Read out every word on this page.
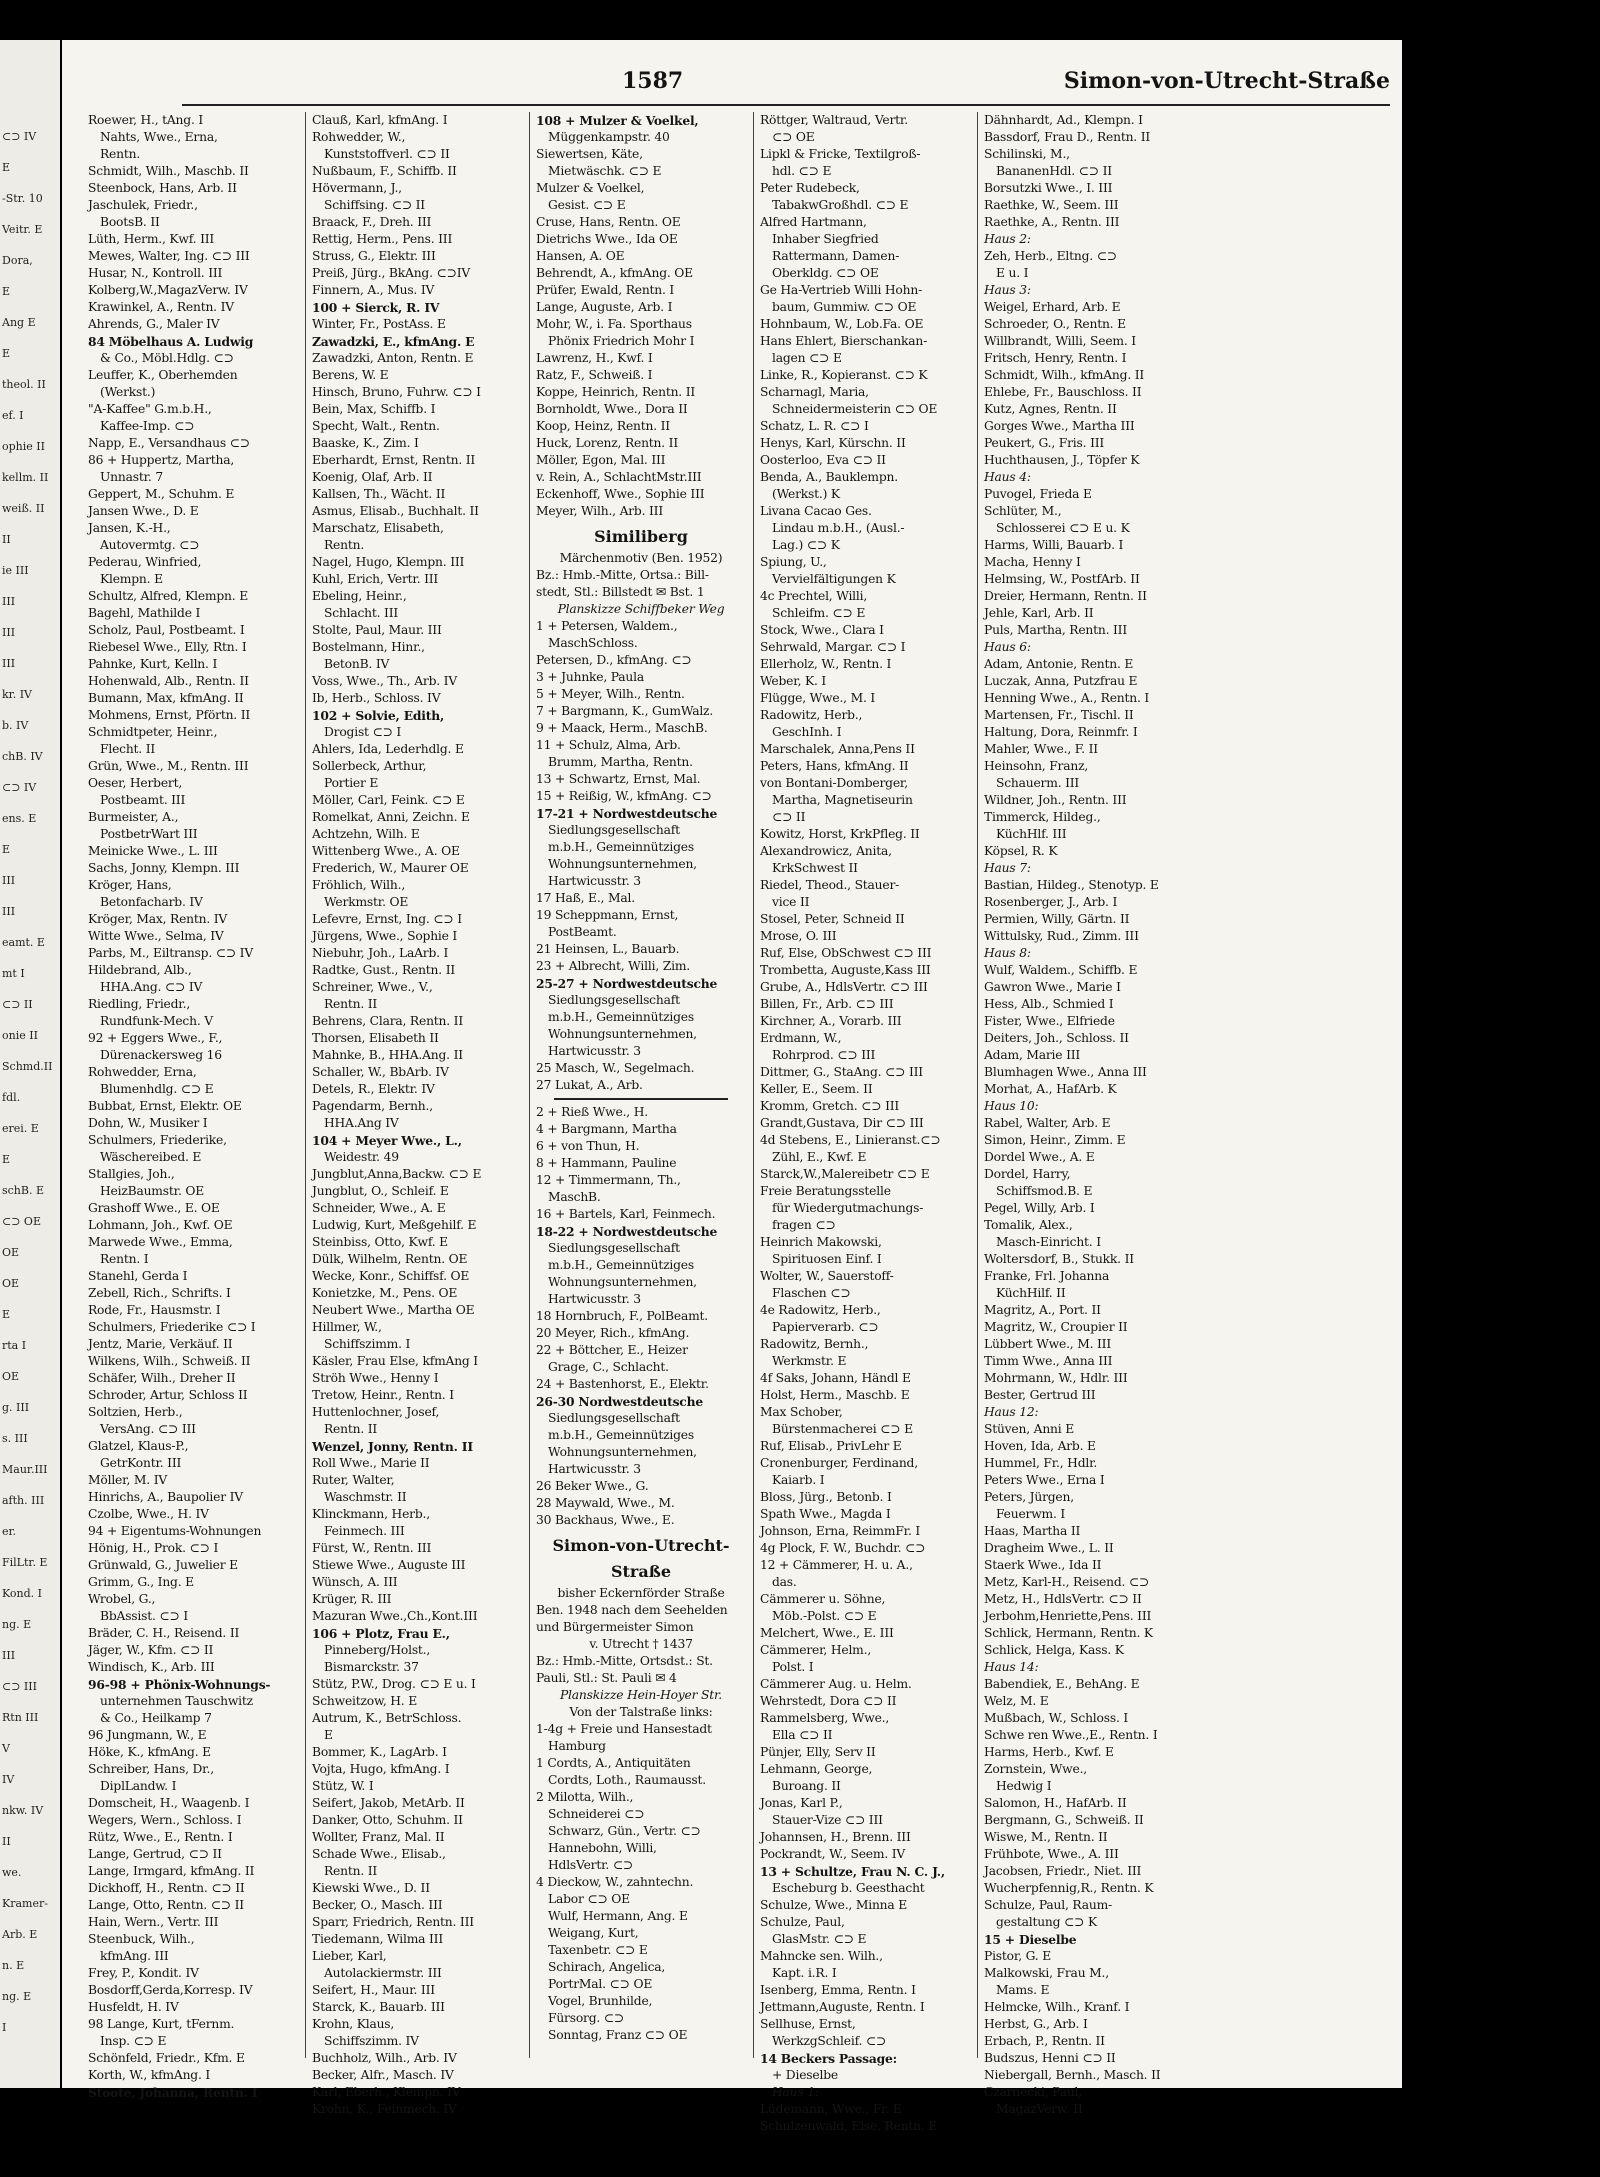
⊂⊃ IV
E
-Str. 10
Veitr. E
Dora,
E
Ang E
E
theol. II
ef. I
ophie II
kellm. II
weiß. II
II
ie III
III
III
III
kr. IV
b. IV
chB. IV
⊂⊃ IV
ens. E
E
III
III
eamt. E
mt I
⊂⊃ II
onie II
Schmd.II
fdl.
erei. E
E
schB. E
⊂⊃ OE
OE
OE
E
rta I
OE
g. III
s. III
Maur.III
afth. III
er.
FilLtr. E
Kond. I
ng. E
III
⊂⊃ III
Rtn III
V
IV
nkw. IV
II
we.
Kramer-
Arb. E
n. E
ng. E
I
1587	Simon-von-Utrecht-Straße
Roewer, H., tAng. I
Nahts, Wwe., Erna,
Rentn.
Schmidt, Wilh., Maschb. II
Steenbock, Hans, Arb. II
Jaschulek, Friedr.,
BootsB. II
Lüth, Herm., Kwf. III
Mewes, Walter, Ing. ⊂⊃ III
Husar, N., Kontroll. III
Kolberg,W.,MagazVerw. IV
Krawinkel, A., Rentn. IV
Ahrends, G., Maler IV
84 Möbelhaus A. Ludwig
& Co., Möbl.Hdlg. ⊂⊃
Leuffer, K., Oberhemden
(Werkst.)
"A-Kaffee" G.m.b.H.,
Kaffee-Imp. ⊂⊃
Napp, E., Versandhaus ⊂⊃
86 + Huppertz, Martha,
Unnastr. 7
Geppert, M., Schuhm. E
Jansen Wwe., D. E
Jansen, K.-H.,
Autovermtg. ⊂⊃
Pederau, Winfried,
Klempn. E
Schultz, Alfred, Klempn. E
Bagehl, Mathilde I
Scholz, Paul, Postbeamt. I
Riebesel Wwe., Elly, Rtn. I
Pahnke, Kurt, Kelln. I
Hohenwald, Alb., Rentn. II
Bumann, Max, kfmAng. II
Mohmens, Ernst, Pförtn. II
Schmidtpeter, Heinr.,
Flecht. II
Grün, Wwe., M., Rentn. III
Oeser, Herbert,
Postbeamt. III
Burmeister, A.,
PostbetrWart III
Meinicke Wwe., L. III
Sachs, Jonny, Klempn. III
Kröger, Hans,
Betonfacharb. IV
Kröger, Max, Rentn. IV
Witte Wwe., Selma, IV
Parbs, M., Eiltransp. ⊂⊃ IV
Hildebrand, Alb.,
HHA.Ang. ⊂⊃ IV
Riedling, Friedr.,
Rundfunk-Mech. V
92 + Eggers Wwe., F.,
Dürenackersweg 16
Rohwedder, Erna,
Blumenhdlg. ⊂⊃ E
Bubbat, Ernst, Elektr. OE
Dohn, W., Musiker I
Schulmers, Friederike,
Wäschereibed. E
Stallgies, Joh.,
HeizBaumstr. OE
Grashoff Wwe., E. OE
Lohmann, Joh., Kwf. OE
Marwede Wwe., Emma,
Rentn. I
Stanehl, Gerda I
Zebell, Rich., Schrifts. I
Rode, Fr., Hausmstr. I
Schulmers, Friederike ⊂⊃ I
Jentz, Marie, Verkäuf. II
Wilkens, Wilh., Schweiß. II
Schäfer, Wilh., Dreher II
Schroder, Artur, Schloss II
Soltzien, Herb.,
VersAng. ⊂⊃ III
Glatzel, Klaus-P.,
GetrKontr. III
Möller, M. IV
Hinrichs, A., Baupolier IV
Czolbe, Wwe., H. IV
94 + Eigentums-Wohnungen
Hönig, H., Prok. ⊂⊃ I
Grünwald, G., Juwelier E
Grimm, G., Ing. E
Wrobel, G.,
BbAssist. ⊂⊃ I
Bräder, C. H., Reisend. II
Jäger, W., Kfm. ⊂⊃ II
Windisch, K., Arb. III
96-98 + Phönix-Wohnungs-
unternehmen Tauschwitz
& Co., Heilkamp 7
96 Jungmann, W., E
Höke, K., kfmAng. E
Schreiber, Hans, Dr.,
DiplLandw. I
Domscheit, H., Waagenb. I
Wegers, Wern., Schloss. I
Rütz, Wwe., E., Rentn. I
Lange, Gertrud, ⊂⊃ II
Lange, Irmgard, kfmAng. II
Dickhoff, H., Rentn. ⊂⊃ II
Lange, Otto, Rentn. ⊂⊃ II
Hain, Wern., Vertr. III
Steenbuck, Wilh.,
kfmAng. III
Frey, P., Kondit. IV
Bosdorff,Gerda,Korresp. IV
Husfeldt, H. IV
98 Lange, Kurt, tFernm.
Insp. ⊂⊃ E
Schönfeld, Friedr., Kfm. E
Korth, W., kfmAng. I
Stoote, Johanna, Rentn. I
Clauß, Karl, kfmAng. I
Rohwedder, W.,
Kunststoffverl. ⊂⊃ II
Nußbaum, F., Schiffb. II
Hövermann, J.,
Schiffsing. ⊂⊃ II
Braack, F., Dreh. III
Rettig, Herm., Pens. III
Struss, G., Elektr. III
Preiß, Jürg., BkAng. ⊂⊃IV
Finnern, A., Mus. IV
100 + Sierck, R. IV
Winter, Fr., PostAss. E
Zawadzki, E., kfmAng. E
Zawadzki, Anton, Rentn. E
Berens, W. E
Hinsch, Bruno, Fuhrw. ⊂⊃ I
Bein, Max, Schiffb. I
Specht, Walt., Rentn.
Baaske, K., Zim. I
Eberhardt, Ernst, Rentn. II
Koenig, Olaf, Arb. II
Kallsen, Th., Wächt. II
Asmus, Elisab., Buchhalt. II
Marschatz, Elisabeth,
Rentn.
Nagel, Hugo, Klempn. III
Kuhl, Erich, Vertr. III
Ebeling, Heinr.,
Schlacht. III
Stolte, Paul, Maur. III
Bostelmann, Hinr.,
BetonB. IV
Voss, Wwe., Th., Arb. IV
Ib, Herb., Schloss. IV
102 + Solvie, Edith,
Drogist ⊂⊃ I
Ahlers, Ida, Lederhdlg. E
Sollerbeck, Arthur,
Portier E
Möller, Carl, Feink. ⊂⊃ E
Romelkat, Anni, Zeichn. E
Achtzehn, Wilh. E
Wittenberg Wwe., A. OE
Frederich, W., Maurer OE
Fröhlich, Wilh.,
Werkmstr. OE
Lefevre, Ernst, Ing. ⊂⊃ I
Jürgens, Wwe., Sophie I
Niebuhr, Joh., LaArb. I
Radtke, Gust., Rentn. II
Schreiner, Wwe., V.,
Rentn. II
Behrens, Clara, Rentn. II
Thorsen, Elisabeth II
Mahnke, B., HHA.Ang. II
Schaller, W., BbArb. IV
Detels, R., Elektr. IV
Pagendarm, Bernh.,
HHA.Ang IV
104 + Meyer Wwe., L.,
Weidestr. 49
Jungblut,Anna,Backw. ⊂⊃ E
Jungblut, O., Schleif. E
Schneider, Wwe., A. E
Ludwig, Kurt, Meßgehilf. E
Steinbiss, Otto, Kwf. E
Dülk, Wilhelm, Rentn. OE
Wecke, Konr., Schiffsf. OE
Konietzke, M., Pens. OE
Neubert Wwe., Martha OE
Hillmer, W.,
Schiffszimm. I
Käsler, Frau Else, kfmAng I
Ströh Wwe., Henny I
Tretow, Heinr., Rentn. I
Huttenlochner, Josef,
Rentn. II
Wenzel, Jonny, Rentn. II
Roll Wwe., Marie II
Ruter, Walter,
Waschmstr. II
Klinckmann, Herb.,
Feinmech. III
Fürst, W., Rentn. III
Stiewe Wwe., Auguste III
Wünsch, A. III
Krüger, R. III
Mazuran Wwe.,Ch.,Kont.III
106 + Plotz, Frau E.,
Pinneberg/Holst.,
Bismarckstr. 37
Stütz, P.W., Drog. ⊂⊃ E u. I
Schweitzow, H. E
Autrum, K., BetrSchloss.
E
Bommer, K., LagArb. I
Vojta, Hugo, kfmAng. I
Stütz, W. I
Seifert, Jakob, MetArb. II
Danker, Otto, Schuhm. II
Wollter, Franz, Mal. II
Schade Wwe., Elisab.,
Rentn. II
Kiewski Wwe., D. II
Becker, O., Masch. III
Sparr, Friedrich, Rentn. III
Tiedemann, Wilma III
Lieber, Karl,
Autolackiermstr. III
Seifert, H., Maur. III
Starck, K., Bauarb. III
Krohn, Klaus,
Schiffszimm. IV
Buchholz, Wilh., Arb. IV
Becker, Alfr., Masch. IV
Karl, Eberh., Klempn. IV
Krohn, K., Feinmech. IV
108 + Mulzer & Voelkel,
Müggenkampstr. 40
Siewertsen, Käte,
Mietwäschk. ⊂⊃ E
Mulzer & Voelkel,
Gesist. ⊂⊃ E
Cruse, Hans, Rentn. OE
Dietrichs Wwe., Ida OE
Hansen, A. OE
Behrendt, A., kfmAng. OE
Prüfer, Ewald, Rentn. I
Lange, Auguste, Arb. I
Mohr, W., i. Fa. Sporthaus
Phönix Friedrich Mohr I
Lawrenz, H., Kwf. I
Ratz, F., Schweiß. I
Koppe, Heinrich, Rentn. II
Bornholdt, Wwe., Dora II
Koop, Heinz, Rentn. II
Huck, Lorenz, Rentn. II
Möller, Egon, Mal. III
v. Rein, A., SchlachtMstr.III
Eckenhoff, Wwe., Sophie III
Meyer, Wilh., Arb. III
Similiberg
Märchenmotiv (Ben. 1952)
Bz.: Hmb.-Mitte, Ortsa.: Bill-
stedt, Stl.: Billstedt ✉ Bst. 1
Planskizze Schiffbeker Weg
1 + Petersen, Waldem.,
MaschSchloss.
Petersen, D., kfmAng. ⊂⊃
3 + Juhnke, Paula
5 + Meyer, Wilh., Rentn.
7 + Bargmann, K., GumWalz.
9 + Maack, Herm., MaschB.
11 + Schulz, Alma, Arb.
Brumm, Martha, Rentn.
13 + Schwartz, Ernst, Mal.
15 + Reißig, W., kfmAng. ⊂⊃
17-21 + Nordwestdeutsche
Siedlungsgesellschaft
m.b.H., Gemeinnütziges
Wohnungsunternehmen,
Hartwicusstr. 3
17 Haß, E., Mal.
19 Scheppmann, Ernst,
PostBeamt.
21 Heinsen, L., Bauarb.
23 + Albrecht, Willi, Zim.
25-27 + Nordwestdeutsche
Siedlungsgesellschaft
m.b.H., Gemeinnütziges
Wohnungsunternehmen,
Hartwicusstr. 3
25 Masch, W., Segelmach.
27 Lukat, A., Arb.
2 + Rieß Wwe., H.
4 + Bargmann, Martha
6 + von Thun, H.
8 + Hammann, Pauline
12 + Timmermann, Th.,
MaschB.
16 + Bartels, Karl, Feinmech.
18-22 + Nordwestdeutsche
Siedlungsgesellschaft
m.b.H., Gemeinnütziges
Wohnungsunternehmen,
Hartwicusstr. 3
18 Hornbruch, F., PolBeamt.
20 Meyer, Rich., kfmAng.
22 + Böttcher, E., Heizer
Grage, C., Schlacht.
24 + Bastenhorst, E., Elektr.
26-30 Nordwestdeutsche
Siedlungsgesellschaft
m.b.H., Gemeinnütziges
Wohnungsunternehmen,
Hartwicusstr. 3
26 Beker Wwe., G.
28 Maywald, Wwe., M.
30 Backhaus, Wwe., E.
Simon-von-Utrecht-Straße
bisher Eckernförder Straße
Ben. 1948 nach dem Seehelden
und Bürgermeister Simon
v. Utrecht † 1437
Bz.: Hmb.-Mitte, Ortsdst.: St.
Pauli, Stl.: St. Pauli ✉ 4
Planskizze Hein-Hoyer Str.
Von der Talstraße links:
1-4g + Freie und Hansestadt
Hamburg
1 Cordts, A., Antiquitäten
Cordts, Loth., Raumausst.
2 Milotta, Wilh.,
Schneiderei ⊂⊃
Schwarz, Gün., Vertr. ⊂⊃
Hannebohn, Willi,
HdlsVertr. ⊂⊃
4 Dieckow, W., zahntechn.
Labor ⊂⊃ OE
Wulf, Hermann, Ang. E
Weigang, Kurt,
Taxenbetr. ⊂⊃ E
Schirach, Angelica,
PortrMal. ⊂⊃ OE
Vogel, Brunhilde,
Fürsorg. ⊂⊃
Sonntag, Franz ⊂⊃ OE
Röttger, Waltraud, Vertr.
⊂⊃ OE
Lipkl & Fricke, Textilgroß-
hdl. ⊂⊃ E
Peter Rudebeck,
TabakwGroßhdl. ⊂⊃ E
Alfred Hartmann,
Inhaber Siegfried
Rattermann, Damen-
Oberkldg. ⊂⊃ OE
Ge Ha-Vertrieb Willi Hohn-
baum, Gummiw. ⊂⊃ OE
Hohnbaum, W., Lob.Fa. OE
Hans Ehlert, Bierschankan-
lagen ⊂⊃ E
Linke, R., Kopieranst. ⊂⊃ K
Scharnagl, Maria,
Schneidermeisterin ⊂⊃ OE
Schatz, L. R. ⊂⊃ I
Henys, Karl, Kürschn. II
Oosterloo, Eva ⊂⊃ II
Benda, A., Bauklempn.
(Werkst.) K
Livana Cacao Ges.
Lindau m.b.H., (Ausl.-
Lag.) ⊂⊃ K
Spiung, U.,
Vervielfältigungen K
4c Prechtel, Willi,
Schleifm. ⊂⊃ E
Stock, Wwe., Clara I
Sehrwald, Margar. ⊂⊃ I
Ellerholz, W., Rentn. I
Weber, K. I
Flügge, Wwe., M. I
Radowitz, Herb.,
GeschInh. I
Marschalek, Anna,Pens II
Peters, Hans, kfmAng. II
von Bontani-Domberger,
Martha, Magnetiseurin
⊂⊃ II
Kowitz, Horst, KrkPfleg. II
Alexandrowicz, Anita,
KrkSchwest II
Riedel, Theod., Stauer-
vice II
Stosel, Peter, Schneid II
Mrose, O. III
Ruf, Else, ObSchwest ⊂⊃ III
Trombetta, Auguste,Kass III
Grube, A., HdlsVertr. ⊂⊃ III
Billen, Fr., Arb. ⊂⊃ III
Kirchner, A., Vorarb. III
Erdmann, W.,
Rohrprod. ⊂⊃ III
Dittmer, G., StaAng. ⊂⊃ III
Keller, E., Seem. II
Kromm, Gretch. ⊂⊃ III
Grandt,Gustava, Dir ⊂⊃ III
4d Stebens, E., Linieranst.⊂⊃
Zühl, E., Kwf. E
Starck,W.,Malereibetr ⊂⊃ E
Freie Beratungsstelle
für Wiedergutmachungs-
fragen ⊂⊃
Heinrich Makowski,
Spirituosen Einf. I
Wolter, W., Sauerstoff-
Flaschen ⊂⊃
4e Radowitz, Herb.,
Papierverarb. ⊂⊃
Radowitz, Bernh.,
Werkmstr. E
4f Saks, Johann, Händl E
Holst, Herm., Maschb. E
Max Schober,
Bürstenmacherei ⊂⊃ E
Ruf, Elisab., PrivLehr E
Cronenburger, Ferdinand,
Kaiarb. I
Bloss, Jürg., Betonb. I
Spath Wwe., Magda I
Johnson, Erna, ReimmFr. I
4g Plock, F. W., Buchdr. ⊂⊃
12 + Cämmerer, H. u. A.,
das.
Cämmerer u. Söhne,
Möb.-Polst. ⊂⊃ E
Melchert, Wwe., E. III
Cämmerer, Helm.,
Polst. I
Cämmerer Aug. u. Helm.
Wehrstedt, Dora ⊂⊃ II
Rammelsberg, Wwe.,
Ella ⊂⊃ II
Pünjer, Elly, Serv II
Lehmann, George,
Buroang. II
Jonas, Karl P.,
Stauer-Vize ⊂⊃ III
Johannsen, H., Brenn. III
Pockrandt, W., Seem. IV
13 + Schultze, Frau N. C. J.,
Escheburg b. Geesthacht
Schulze, Wwe., Minna E
Schulze, Paul,
GlasMstr. ⊂⊃ E
Mahncke sen. Wilh.,
Kapt. i.R. I
Isenberg, Emma, Rentn. I
Jettmann,Auguste, Rentn. I
Sellhuse, Ernst,
WerkzgSchleif. ⊂⊃
14 Beckers Passage:
+ Dieselbe
Haus 1:
Lüdemann, Wwe., Fr. E
Schulzenwald, Else, Rentn. E
Dähnhardt, Ad., Klempn. I
Bassdorf, Frau D., Rentn. II
Schilinski, M.,
BananenHdl. ⊂⊃ II
Borsutzki Wwe., I. III
Raethke, W., Seem. III
Raethke, A., Rentn. III
Haus 2:
Zeh, Herb., Eltng. ⊂⊃
E u. I
Haus 3:
Weigel, Erhard, Arb. E
Schroeder, O., Rentn. E
Willbrandt, Willi, Seem. I
Fritsch, Henry, Rentn. I
Schmidt, Wilh., kfmAng. II
Ehlebe, Fr., Bauschloss. II
Kutz, Agnes, Rentn. II
Gorges Wwe., Martha III
Peukert, G., Fris. III
Huchthausen, J., Töpfer K
Haus 4:
Puvogel, Frieda E
Schlüter, M.,
Schlosserei ⊂⊃ E u. K
Harms, Willi, Bauarb. I
Macha, Henny I
Helmsing, W., PostfArb. II
Dreier, Hermann, Rentn. II
Jehle, Karl, Arb. II
Puls, Martha, Rentn. III
Haus 6:
Adam, Antonie, Rentn. E
Luczak, Anna, Putzfrau E
Henning Wwe., A., Rentn. I
Martensen, Fr., Tischl. II
Haltung, Dora, Reinmfr. I
Mahler, Wwe., F. II
Heinsohn, Franz,
Schauerm. III
Wildner, Joh., Rentn. III
Timmerck, Hildeg.,
KüchHlf. III
Köpsel, R. K
Haus 7:
Bastian, Hildeg., Stenotyp. E
Rosenberger, J., Arb. I
Permien, Willy, Gärtn. II
Wittulsky, Rud., Zimm. III
Haus 8:
Wulf, Waldem., Schiffb. E
Gawron Wwe., Marie I
Hess, Alb., Schmied I
Fister, Wwe., Elfriede
Deiters, Joh., Schloss. II
Adam, Marie III
Blumhagen Wwe., Anna III
Morhat, A., HafArb. K
Haus 10:
Rabel, Walter, Arb. E
Simon, Heinr., Zimm. E
Dordel Wwe., A. E
Dordel, Harry,
Schiffsmod.B. E
Pegel, Willy, Arb. I
Tomalik, Alex.,
Masch-Einricht. I
Woltersdorf, B., Stukk. II
Franke, Frl. Johanna
KüchHilf. II
Magritz, A., Port. II
Magritz, W., Croupier II
Lübbert Wwe., M. III
Timm Wwe., Anna III
Mohrmann, W., Hdlr. III
Bester, Gertrud III
Haus 12:
Stüven, Anni E
Hoven, Ida, Arb. E
Hummel, Fr., Hdlr.
Peters Wwe., Erna I
Peters, Jürgen,
Feuerwm. I
Haas, Martha II
Dragheim Wwe., L. II
Staerk Wwe., Ida II
Metz, Karl-H., Reisend. ⊂⊃
Metz, H., HdlsVertr. ⊂⊃ II
Jerbohm,Henriette,Pens. III
Schlick, Hermann, Rentn. K
Schlick, Helga, Kass. K
Haus 14:
Babendiek, E., BehAng. E
Welz, M. E
Mußbach, W., Schloss. I
Schwe ren Wwe.,E., Rentn. I
Harms, Herb., Kwf. E
Zornstein, Wwe.,
Hedwig I
Salomon, H., HafArb. II
Bergmann, G., Schweiß. II
Wiswe, M., Rentn. II
Frühbote, Wwe., A. III
Jacobsen, Friedr., Niet. III
Wucherpfennig,R., Rentn. K
Schulze, Paul, Raum-
gestaltung ⊂⊃ K
15 + Dieselbe
Pistor, G. E
Malkowski, Frau M.,
Mams. E
Helmcke, Wilh., Kranf. I
Herbst, G., Arb. I
Erbach, P., Rentn. II
Budszus, Henni ⊂⊃ II
Niebergall, Bernh., Masch. II
Czarnecki, Paul,
MagazVerw. II
